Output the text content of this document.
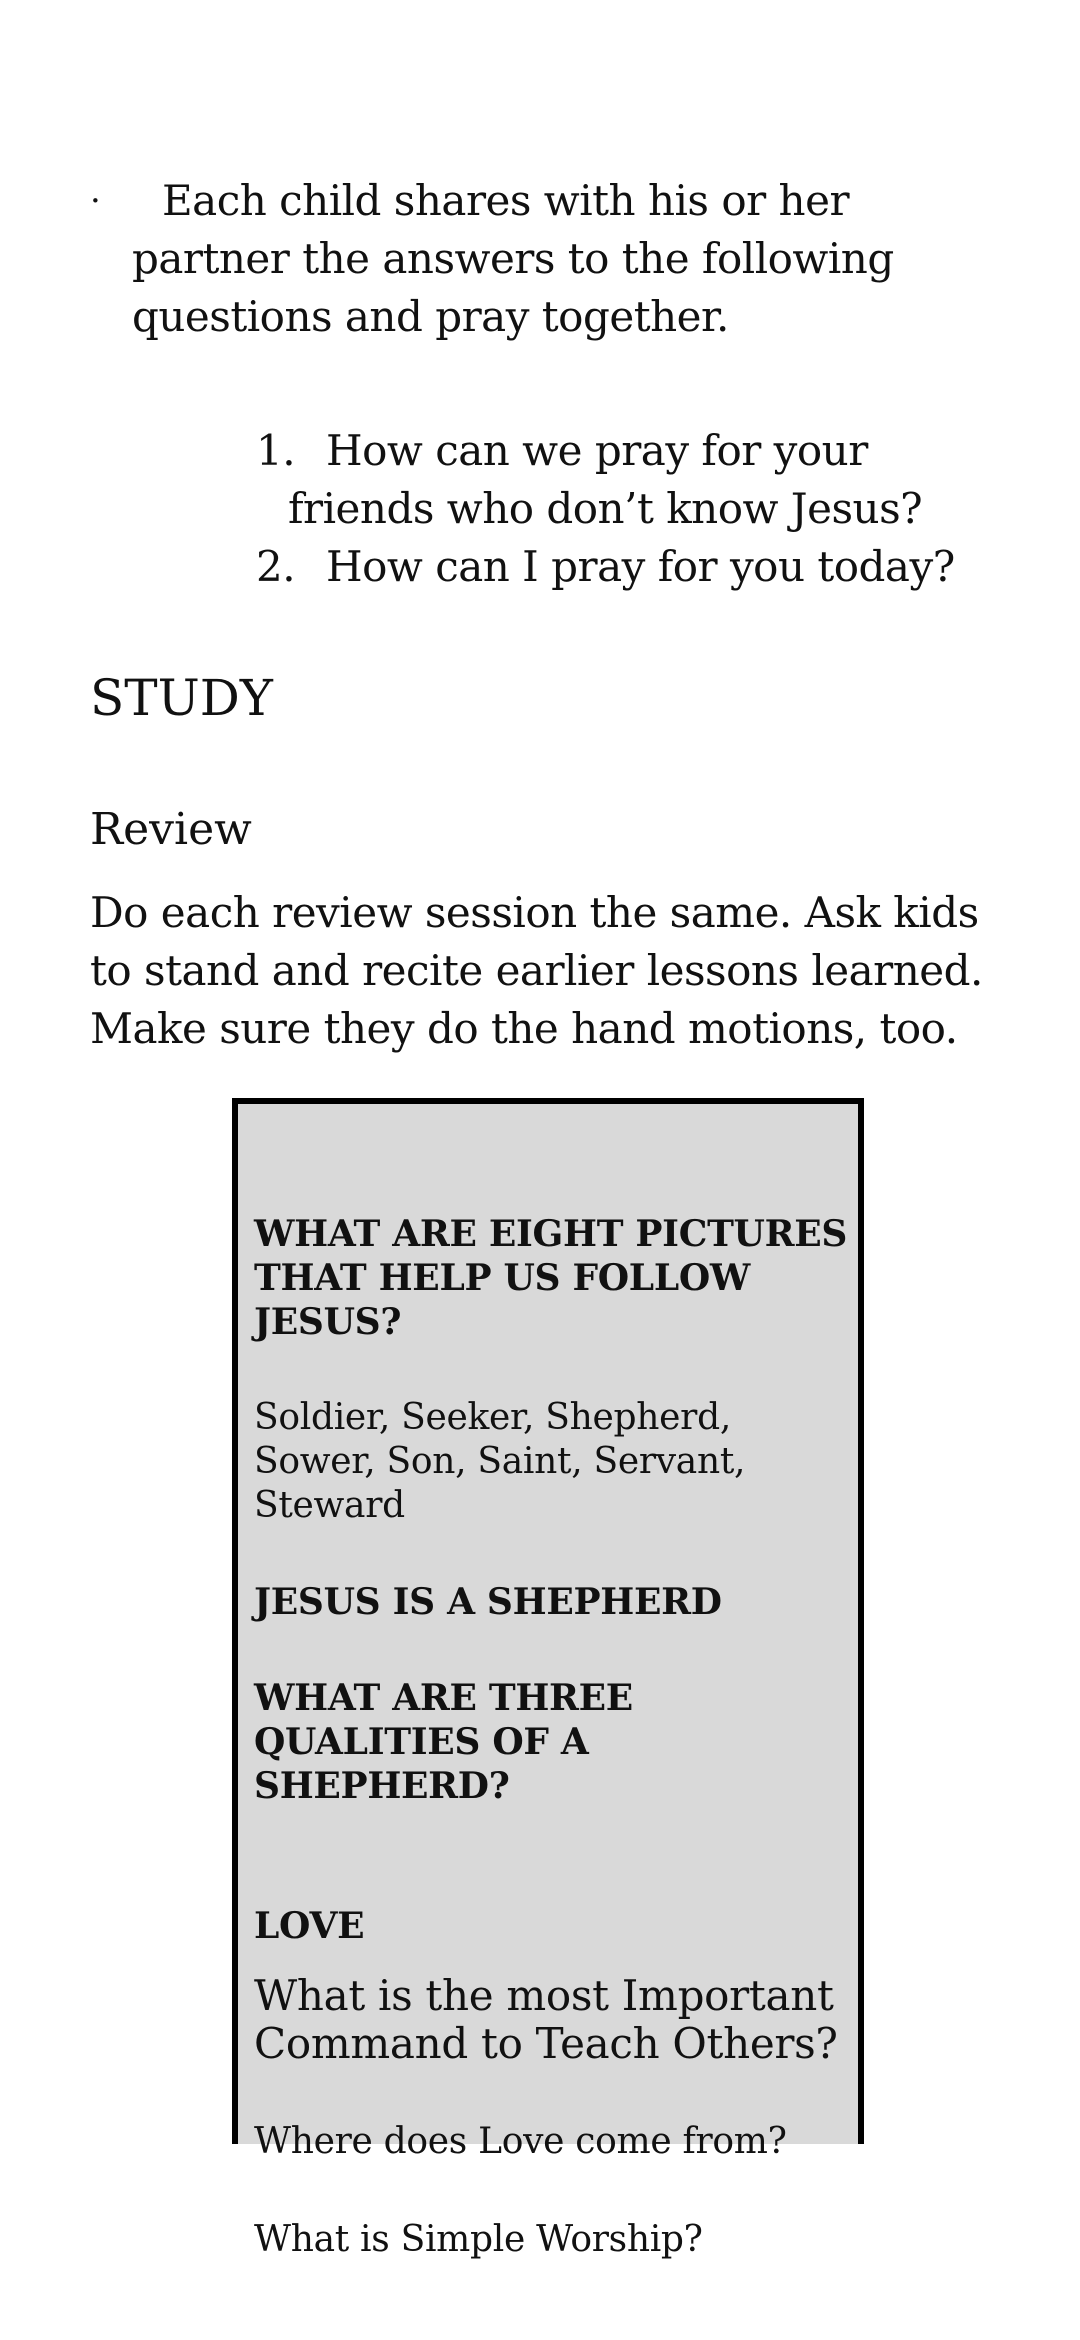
·	Each child shares with his or her partner the answers to the following questions and pray together.

1. How can we pray for your friends who don’t know Jesus?
2. How can I pray for you today?
STUDY
Review

Do each review session the same. Ask kids to stand and recite earlier lessons learned. Make sure they do the hand motions, too.

WHAT ARE EIGHT PICTURES THAT HELP US FOLLOW JESUS?

Soldier, Seeker, Shepherd, Sower, Son, Saint, Servant, Steward

JESUS IS A SHEPHERD

WHAT ARE THREE QUALITIES OF A SHEPHERD?

LOVE

What is the most Important Command to Teach Others?

Where does Love come from?

What is Simple Worship?
